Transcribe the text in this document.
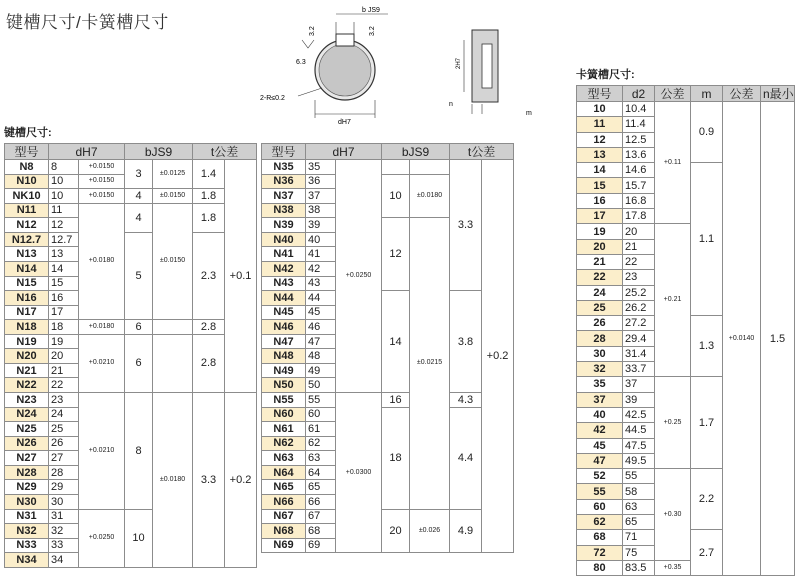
键槽尺寸/卡簧槽尺寸
b JS9
3.2	3.2
6.3
2-R≤0.2
dH7
2H7
n
m
键槽尺寸:
卡簧槽尺寸:
型号	dH7		bJS9		t公差	
N8	8	+0.0150	3	±0.0125	1.4	+0.1
N10	10	+0.0150				
NK10	10	+0.0150	4	±0.0150	1.8	
N11	11	+0.0180	4	±0.0150	1.8	
N12	12					
N12.7	12.7		5		2.3	
N13	13					
N14	14					
N15	15					
N16	16					
N17	17					
N18	18	+0.0180	6		2.8	
N19	19	+0.0210	6		2.8	
N20	20					
N21	21					
N22	22					
N23	23	+0.0210	8	±0.0180	3.3	+0.2
N24	24					
N25	25					
N26	26					
N27	27					
N28	28					
N29	29					
N30	30					
N31	31	+0.0250	10			
N32	32					
N33	33					
N34	34					
型号	dH7		bJS9		t公差	
N35	35	+0.0250			3.3	+0.2
N36	36		10	±0.0180		
N37	37					
N38	38					
N39	39		12	±0.0215		
N40	40					
N41	41					
N42	42					
N43	43					
N44	44		14		3.8	
N45	45					
N46	46					
N47	47					
N48	48					
N49	49					
N50	50					
N55	55	+0.0300	16		4.3	
N60	60		18		4.4	
N61	61					
N62	62					
N63	63					
N64	64					
N65	65					
N66	66					
N67	67		20	±0.026	4.9	
N68	68					
N69	69					
型号	d2	公差	m	公差	n最小
10	10.4	+0.11	0.9	+0.0140	1.5
11	11.4				
12	12.5				
13	13.6				
14	14.6		1.1		
15	15.7				
16	16.8				
17	17.8				
19	20	+0.21			
20	21				
21	22				
22	23				
24	25.2				
25	26.2				
26	27.2		1.3		
28	29.4				
30	31.4				
32	33.7				
35	37	+0.25	1.7		
37	39				
40	42.5				
42	44.5				
45	47.5				
47	49.5				
52	55	+0.30	2.2		
55	58				
60	63				
62	65				
68	71		2.7		
72	75				
80	83.5	+0.35			
